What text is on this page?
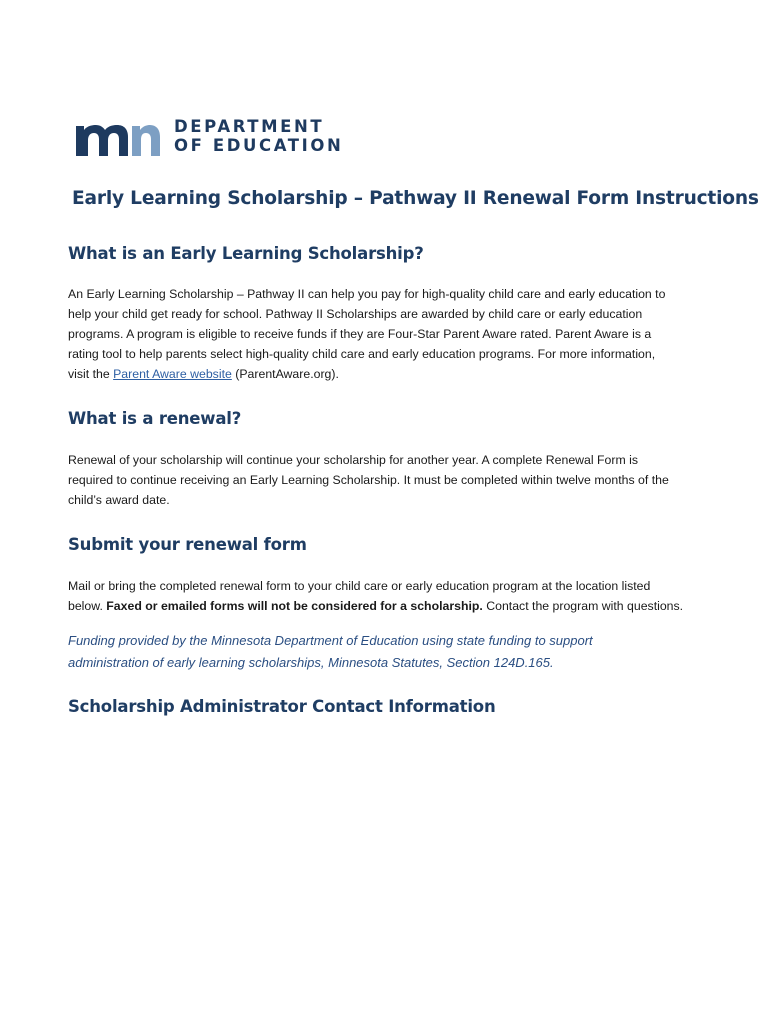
DEPARTMENT
OF EDUCATION
Early Learning Scholarship – Pathway II Renewal Form Instructions
What is an Early Learning Scholarship?
An Early Learning Scholarship – Pathway II can help you pay for high-quality child care and early education to
help your child get ready for school. Pathway II Scholarships are awarded by child care or early education
programs. A program is eligible to receive funds if they are Four-Star Parent Aware rated. Parent Aware is a
rating tool to help parents select high-quality child care and early education programs. For more information,
visit the Parent Aware website (ParentAware.org).
What is a renewal?
Renewal of your scholarship will continue your scholarship for another year. A complete Renewal Form is
required to continue receiving an Early Learning Scholarship. It must be completed within twelve months of the
child’s award date.
Submit your renewal form
Mail or bring the completed renewal form to your child care or early education program at the location listed
below. Faxed or emailed forms will not be considered for a scholarship. Contact the program with questions.
Funding provided by the Minnesota Department of Education using state funding to support
administration of early learning scholarships, Minnesota Statutes, Section 124D.165.
Scholarship Administrator Contact Information
